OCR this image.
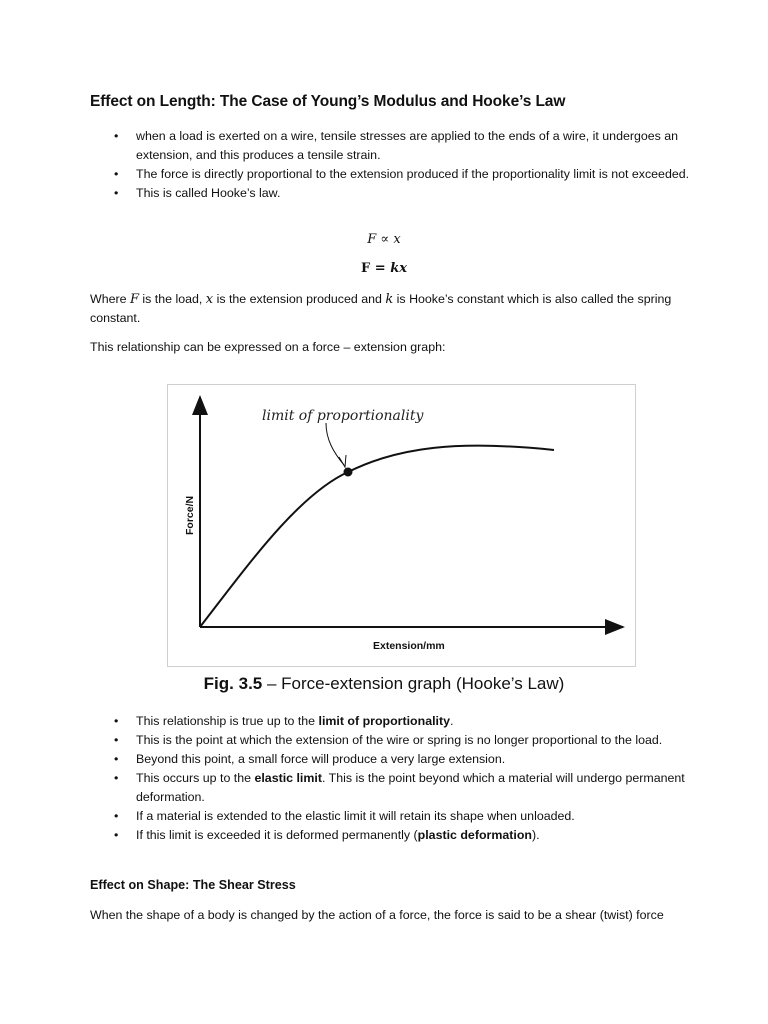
Effect on Length: The Case of Young’s Modulus and Hooke’s Law
• when a load is exerted on a wire, tensile stresses are applied to the ends of a wire, it undergoes an extension, and this produces a tensile strain.
• The force is directly proportional to the extension produced if the proportionality limit is not exceeded.
• This is called Hooke’s law.
F ∝ x
F = kx
Where F is the load, x is the extension produced and k is Hooke’s constant which is also called the spring constant.
This relationship can be expressed on a force – extension graph:
limit of proportionality
Force/N
Extension/mm
Fig. 3.5 – Force-extension graph (Hooke’s Law)
• This relationship is true up to the limit of proportionality.
• This is the point at which the extension of the wire or spring is no longer proportional to the load.
• Beyond this point, a small force will produce a very large extension.
• This occurs up to the elastic limit. This is the point beyond which a material will undergo permanent deformation.
• If a material is extended to the elastic limit it will retain its shape when unloaded.
• If this limit is exceeded it is deformed permanently (plastic deformation).
Effect on Shape: The Shear Stress
When the shape of a body is changed by the action of a force, the force is said to be a shear (twist) force
